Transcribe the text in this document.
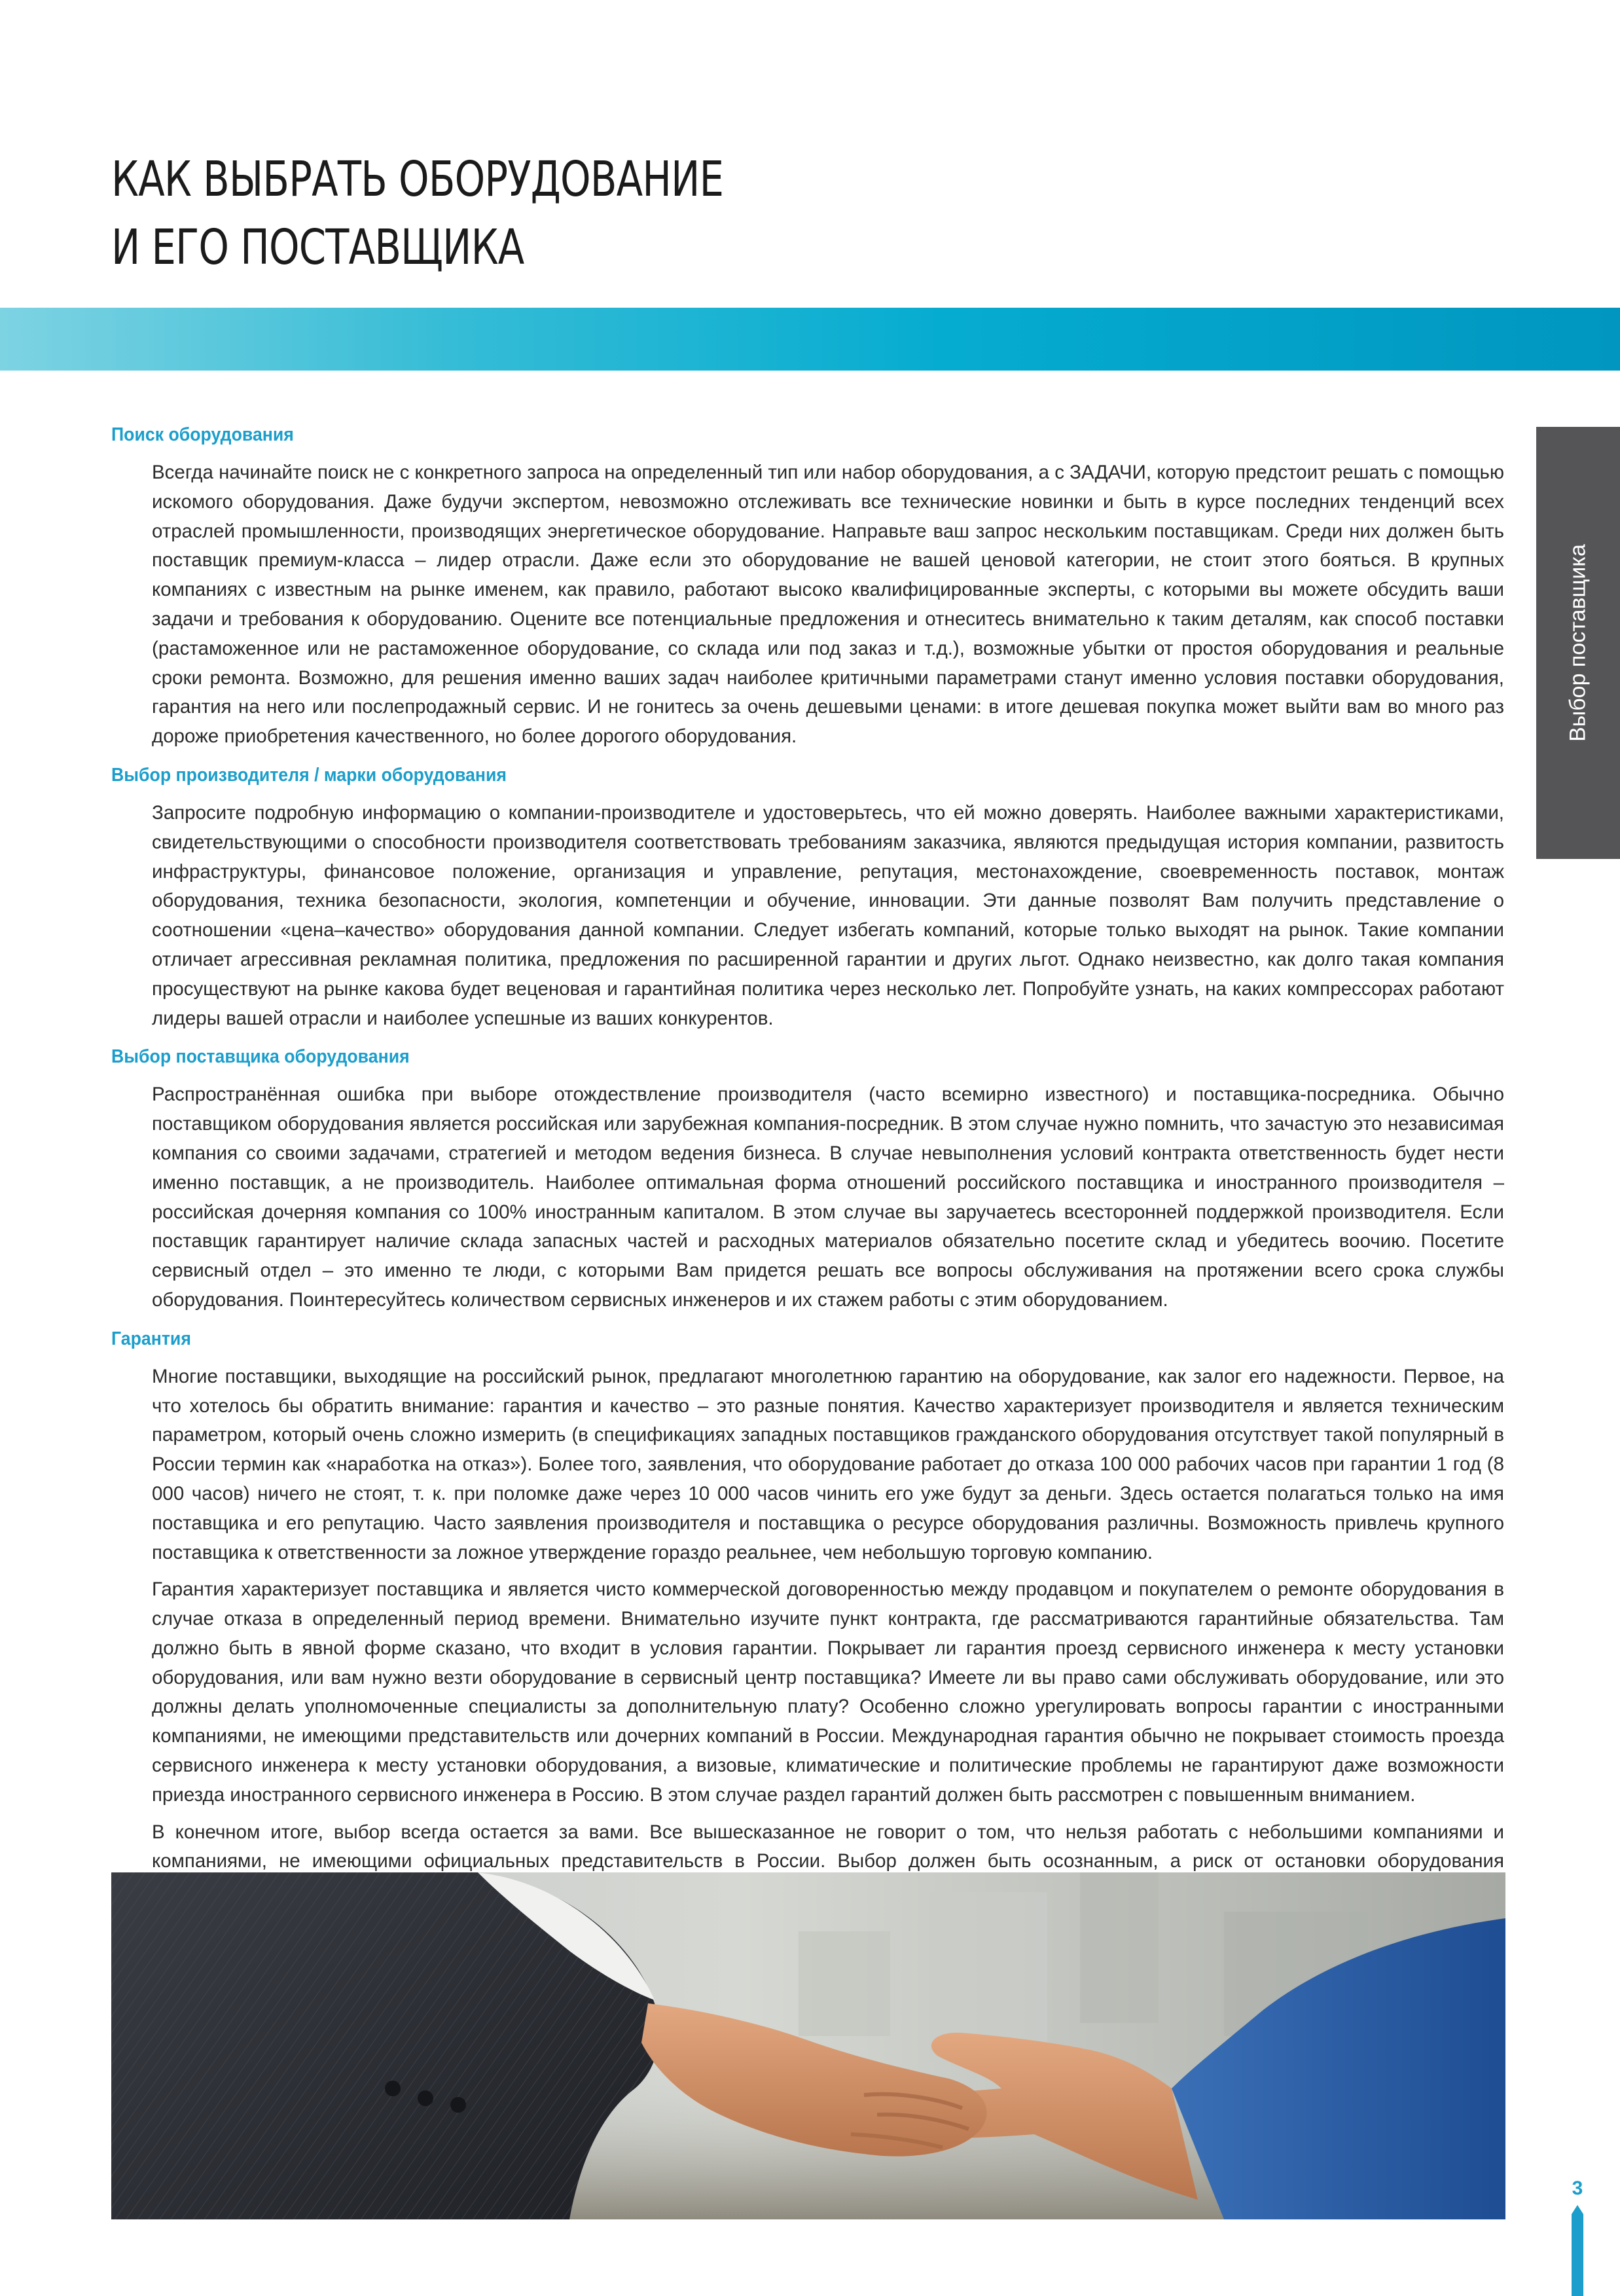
КАК ВЫБРАТЬ ОБОРУДОВАНИЕ
И ЕГО ПОСТАВЩИКА
Выбор поставщика
Поиск оборудования

Всегда начинайте поиск не с конкретного запроса на определенный тип или набор оборудования, а с ЗАДАЧИ, которую предстоит решать с помощью искомого оборудования. Даже будучи экспертом, невозможно отслеживать все технические новинки и быть в курсе последних тенденций всех отраслей промышленности, производящих энергетическое оборудование. Направьте ваш запрос нескольким поставщикам. Среди них должен быть поставщик премиум-класса – лидер отрасли. Даже если это оборудование не вашей ценовой категории, не стоит этого бояться. В крупных компаниях с известным на рынке именем, как правило, работают высоко квалифицированные эксперты, с которыми вы можете обсудить ваши задачи и требования к оборудованию. Оцените все потенциальные предложения и отнеситесь внимательно к таким деталям, как способ поставки (растаможенное или не растаможенное оборудование, со склада или под заказ и т.д.), возможные убытки от простоя оборудования и реальные сроки ремонта. Возможно, для решения именно ваших задач наиболее критичными параметрами станут именно условия поставки оборудования, гарантия на него или послепродажный сервис. И не гонитесь за очень дешевыми ценами: в итоге дешевая покупка может выйти вам во много раз дороже приобретения качественного, но более дорогого оборудования.

Выбор производителя / марки оборудования

Запросите подробную информацию о компании-производителе и удостоверьтесь, что ей можно доверять. Наиболее важными характеристиками, свидетельствующими о способности производителя соответствовать требованиям заказчика, являются предыдущая история компании, развитость инфраструктуры, финансовое положение, организация и управление, репутация, местонахождение, своевременность поставок, монтаж оборудования, техника безопасности, экология, компетенции и обучение, инновации. Эти данные позволят Вам получить представление о соотношении «цена–качество» оборудования данной компании. Следует избегать компаний, которые только выходят на рынок. Такие компании отличает агрессивная рекламная политика, предложения по расширенной гарантии и других льгот. Однако неизвестно, как долго такая компания просуществуют на рынке какова будет веценовая и гарантийная политика через несколько лет. Попробуйте узнать, на каких компрессорах работают лидеры вашей отрасли и наиболее успешные из ваших конкурентов.

Выбор поставщика оборудования

Распространённая ошибка при выборе отождествление производителя (часто всемирно известного) и поставщика-посредника. Обычно поставщиком оборудования является российская или зарубежная компания-посредник. В этом случае нужно помнить, что зачастую это независимая компания со своими задачами, стратегией и методом ведения бизнеса. В случае невыполнения условий контракта ответственность будет нести именно поставщик, а не производитель. Наиболее оптимальная форма отношений российского поставщика и иностранного производителя – российская дочерняя компания со 100% иностранным капиталом. В этом случае вы заручаетесь всесторонней поддержкой производителя. Если поставщик гарантирует наличие склада запасных частей и расходных материалов обязательно посетите склад и убедитесь воочию. Посетите сервисный отдел – это именно те люди, с которыми Вам придется решать все вопросы обслуживания на протяжении всего срока службы оборудования. Поинтересуйтесь количеством сервисных инженеров и их стажем работы с этим оборудованием.

Гарантия

Многие поставщики, выходящие на российский рынок, предлагают многолетнюю гарантию на оборудование, как залог его надежности. Первое, на что хотелось бы обратить внимание: гарантия и качество – это разные понятия. Качество характеризует производителя и является техническим параметром, который очень сложно измерить (в спецификациях западных поставщиков гражданского оборудования отсутствует такой популярный в России термин как «наработка на отказ»). Более того, заявления, что оборудование работает до отказа 100 000 рабочих часов при гарантии 1 год (8 000 часов) ничего не стоят, т. к. при поломке даже через 10 000 часов чинить его уже будут за деньги. Здесь остается полагаться только на имя поставщика и его репутацию. Часто заявления производителя и поставщика о ресурсе оборудования различны. Возможность привлечь крупного поставщика к ответственности за ложное утверждение гораздо реальнее, чем небольшую торговую компанию.

Гарантия характеризует поставщика и является чисто коммерческой договоренностью между продавцом и покупателем о ремонте оборудования в случае отказа в определенный период времени. Внимательно изучите пункт контракта, где рассматриваются гарантийные обязательства. Там должно быть в явной форме сказано, что входит в условия гарантии. Покрывает ли гарантия проезд сервисного инженера к месту установки оборудования, или вам нужно везти оборудование в сервисный центр поставщика? Имеете ли вы право сами обслуживать оборудование, или это должны делать уполномоченные специалисты за дополнительную плату? Особенно сложно урегулировать вопросы гарантии с иностранными компаниями, не имеющими представительств или дочерних компаний в России. Международная гарантия обычно не покрывает стоимость проезда сервисного инженера к месту установки оборудования, а визовые, климатические и политические проблемы не гарантируют даже возможности приезда иностранного сервисного инженера в Россию. В этом случае раздел гарантий должен быть рассмотрен с повышенным вниманием.

В конечном итоге, выбор всегда остается за вами. Все вышесказанное не говорит о том, что нельзя работать с небольшими компаниями и компаниями, не имеющими официальных представительств в России. Выбор должен быть осознанным, а риск от остановки оборудования

3
